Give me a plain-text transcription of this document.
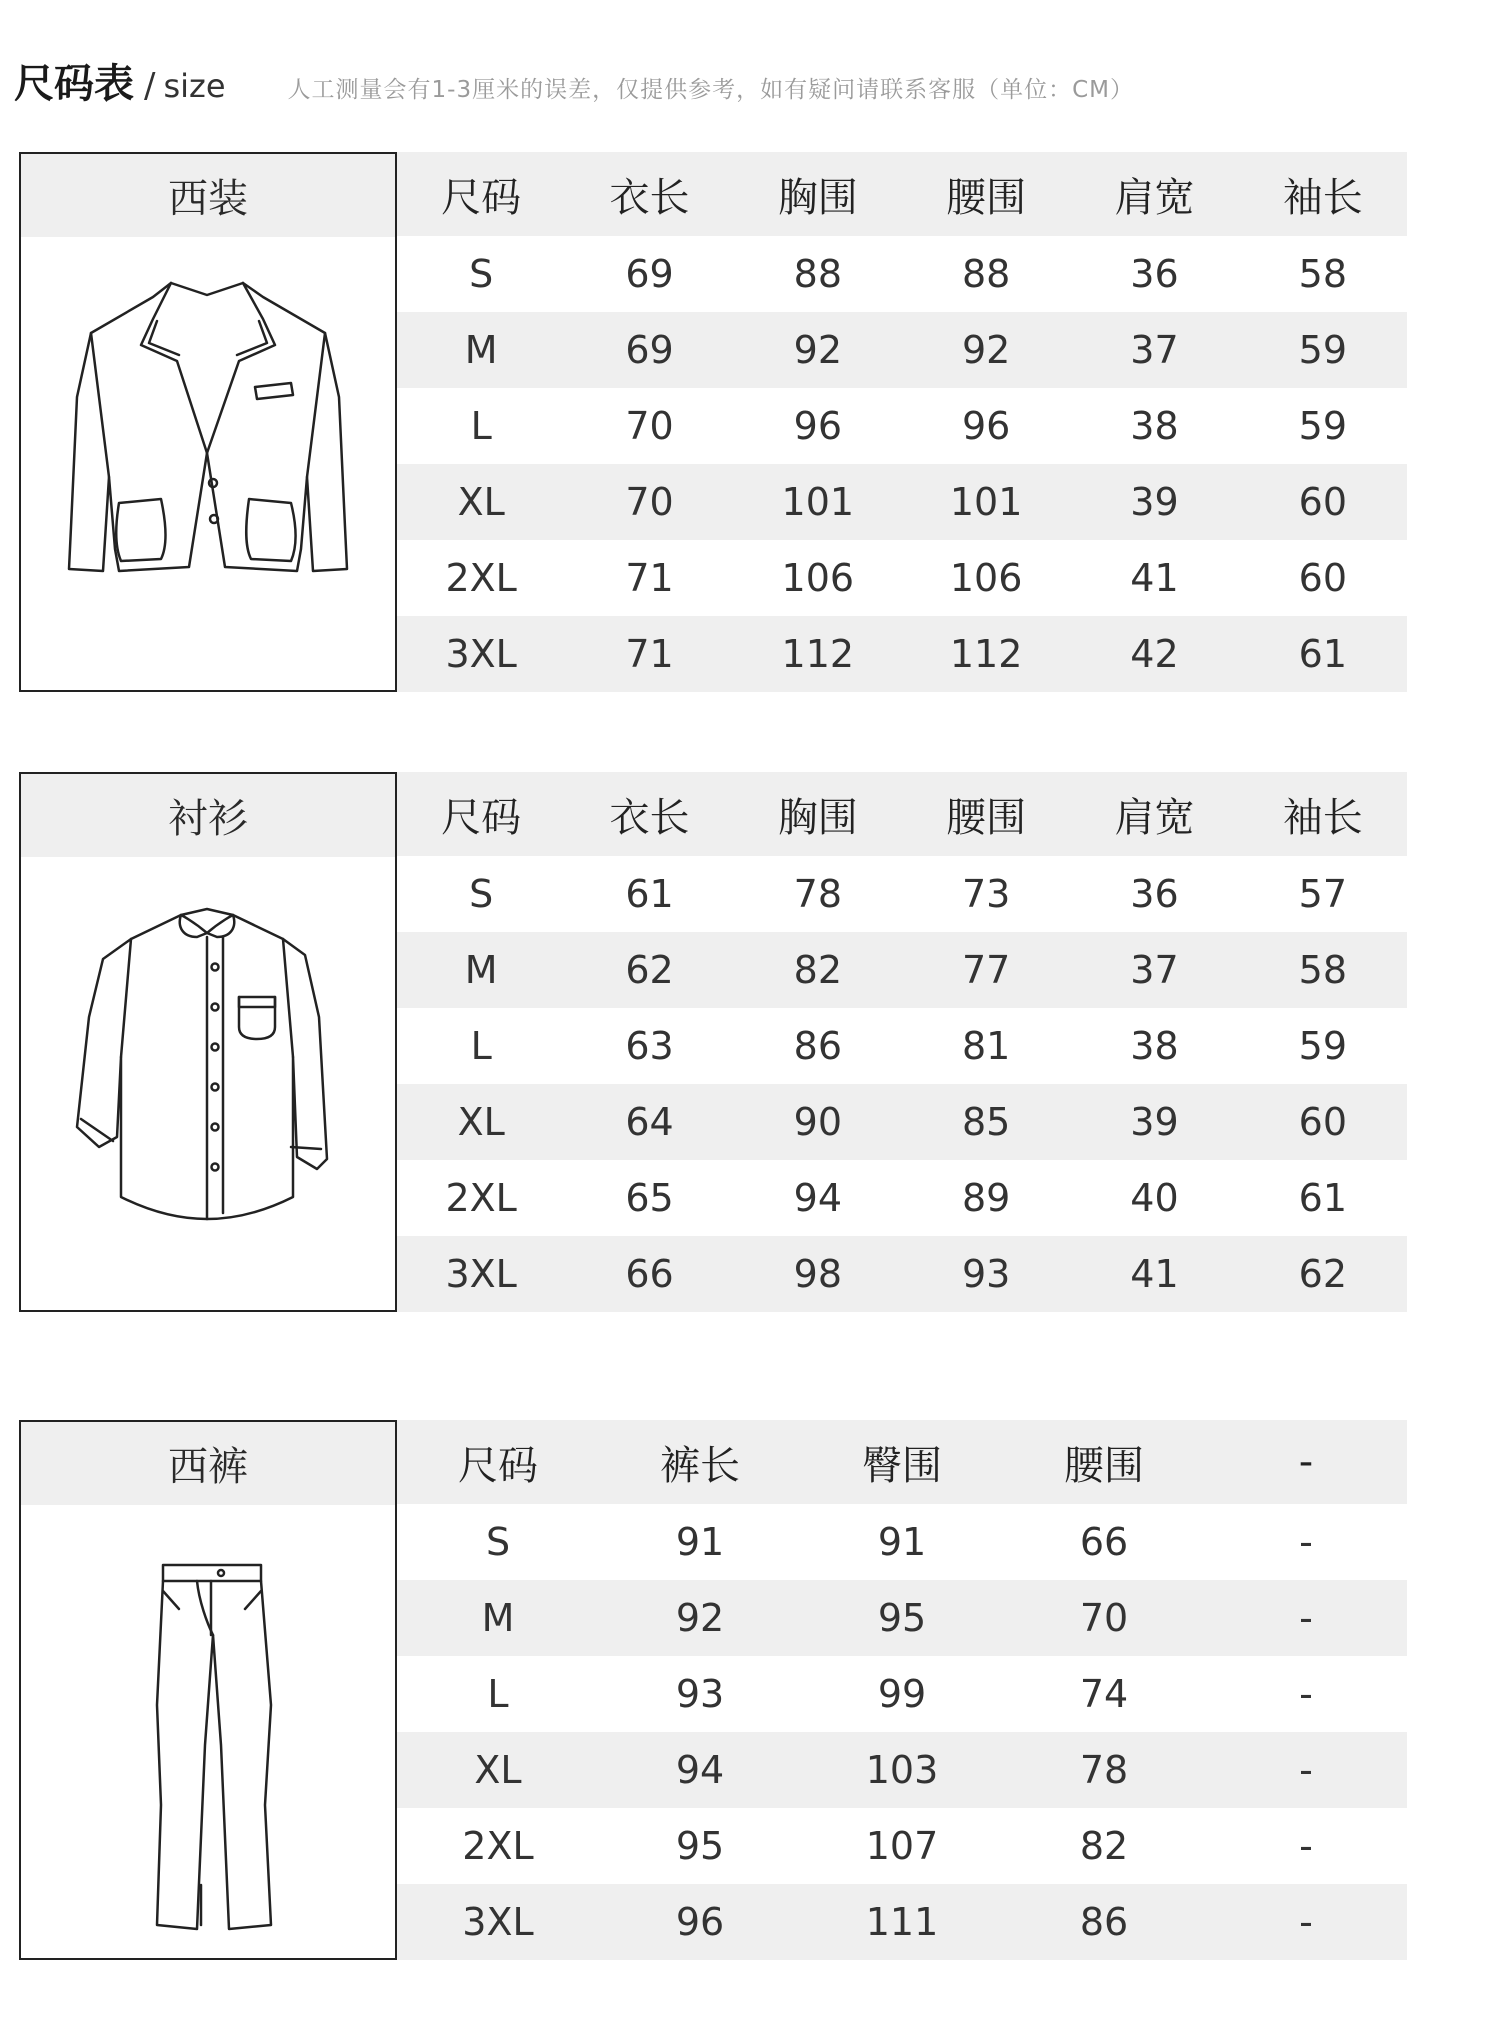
尺码表 / size	人工测量会有1-3厘米的误差，仅提供参考，如有疑问请联系客服（单位：CM）
西装	尺码	衣长	胸围	腰围	肩宽	袖长
S	69	88	88	36	58
M	69	92	92	37	59
L	70	96	96	38	59
XL	70	101	101	39	60
2XL	71	106	106	41	60
3XL	71	112	112	42	61
衬衫	尺码	衣长	胸围	腰围	肩宽	袖长
S	61	78	73	36	57
M	62	82	77	37	58
L	63	86	81	38	59
XL	64	90	85	39	60
2XL	65	94	89	40	61
3XL	66	98	93	41	62
西裤	尺码	裤长	臀围	腰围	-
S	91	91	66	-
M	92	95	70	-
L	93	99	74	-
XL	94	103	78	-
2XL	95	107	82	-
3XL	96	111	86	-
